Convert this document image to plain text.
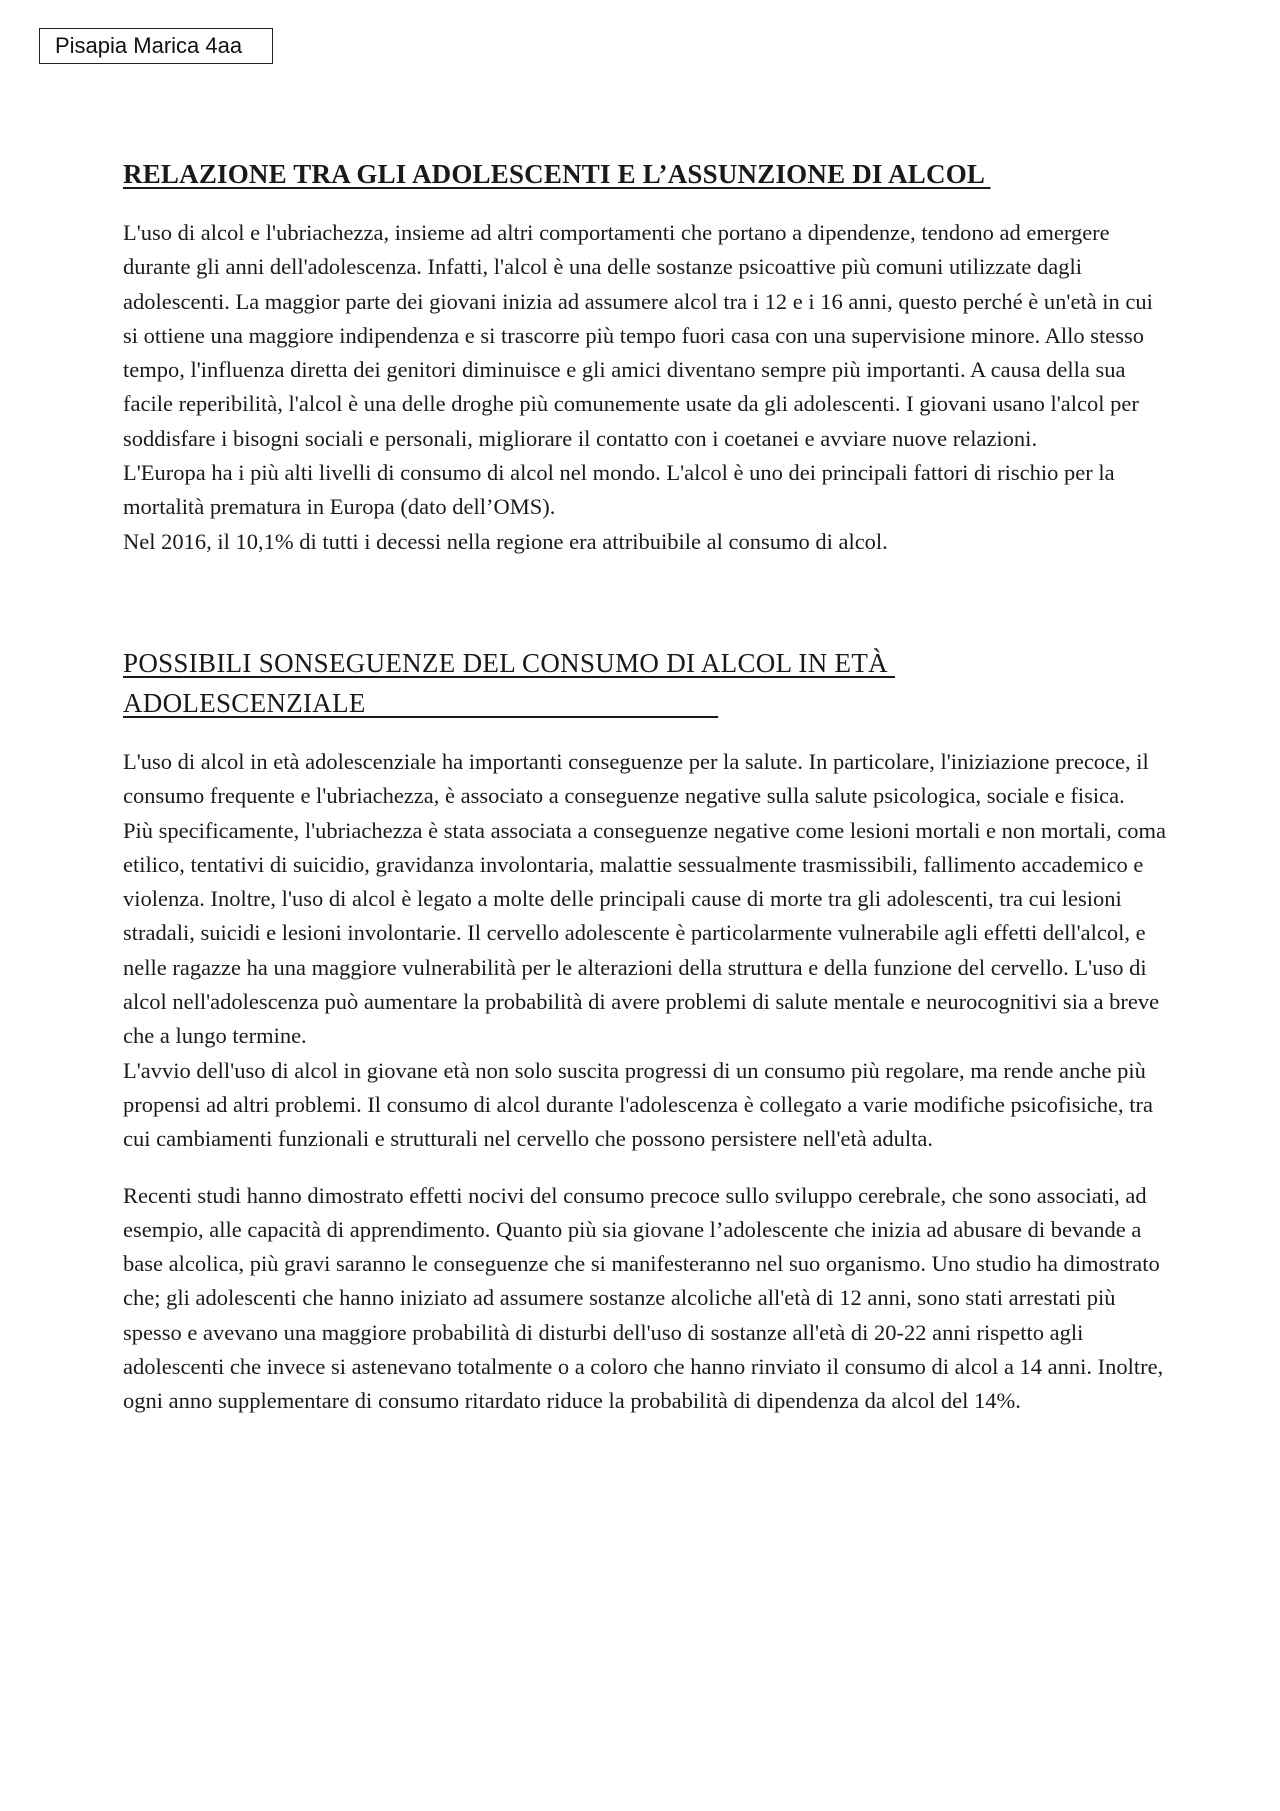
Pisapia Marica 4aa
RELAZIONE TRA GLI ADOLESCENTI E L’ASSUNZIONE DI ALCOL

L'uso di alcol e l'ubriachezza, insieme ad altri comportamenti che portano a dipendenze, tendono ad emergere durante gli anni dell'adolescenza. Infatti, l'alcol è una delle sostanze psicoattive più comuni utilizzate dagli adolescenti. La maggior parte dei giovani inizia ad assumere alcol tra i 12 e i 16 anni, questo perché è un'età in cui si ottiene una maggiore indipendenza e si trascorre più tempo fuori casa con una supervisione minore. Allo stesso tempo, l'influenza diretta dei genitori diminuisce e gli amici diventano sempre più importanti. A causa della sua facile reperibilità, l'alcol è una delle droghe più comunemente usate da gli adolescenti. I giovani usano l'alcol per soddisfare i bisogni sociali e personali, migliorare il contatto con i coetanei e avviare nuove relazioni.

L'Europa ha i più alti livelli di consumo di alcol nel mondo. L'alcol è uno dei principali fattori di rischio per la mortalità prematura in Europa (dato dell’OMS).

Nel 2016, il 10,1% di tutti i decessi nella regione era attribuibile al consumo di alcol.

POSSIBILI SONSEGUENZE DEL CONSUMO DI ALCOL IN ETÀ
ADOLESCENZIALE

L'uso di alcol in età adolescenziale ha importanti conseguenze per la salute. In particolare, l'iniziazione precoce, il consumo frequente e l'ubriachezza, è associato a conseguenze negative sulla salute psicologica, sociale e fisica.

Più specificamente, l'ubriachezza è stata associata a conseguenze negative come lesioni mortali e non mortali, coma etilico, tentativi di suicidio, gravidanza involontaria, malattie sessualmente trasmissibili, fallimento accademico e violenza. Inoltre, l'uso di alcol è legato a molte delle principali cause di morte tra gli adolescenti, tra cui lesioni stradali, suicidi e lesioni involontarie. Il cervello adolescente è particolarmente vulnerabile agli effetti dell'alcol, e nelle ragazze ha una maggiore vulnerabilità per le alterazioni della struttura e della funzione del cervello. L'uso di alcol nell'adolescenza può aumentare la probabilità di avere problemi di salute mentale e neurocognitivi sia a breve che a lungo termine.

L'avvio dell'uso di alcol in giovane età non solo suscita progressi di un consumo più regolare, ma rende anche più propensi ad altri problemi. Il consumo di alcol durante l'adolescenza è collegato a varie modifiche psicofisiche, tra cui cambiamenti funzionali e strutturali nel cervello che possono persistere nell'età adulta.

Recenti studi hanno dimostrato effetti nocivi del consumo precoce sullo sviluppo cerebrale, che sono associati, ad esempio, alle capacità di apprendimento. Quanto più sia giovane l’adolescente che inizia ad abusare di bevande a base alcolica, più gravi saranno le conseguenze che si manifesteranno nel suo organismo. Uno studio ha dimostrato che; gli adolescenti che hanno iniziato ad assumere sostanze alcoliche all'età di 12 anni, sono stati arrestati più spesso e avevano una maggiore probabilità di disturbi dell'uso di sostanze all'età di 20-22 anni rispetto agli adolescenti che invece si astenevano totalmente o a coloro che hanno rinviato il consumo di alcol a 14 anni. Inoltre, ogni anno supplementare di consumo ritardato riduce la probabilità di dipendenza da alcol del 14%.
